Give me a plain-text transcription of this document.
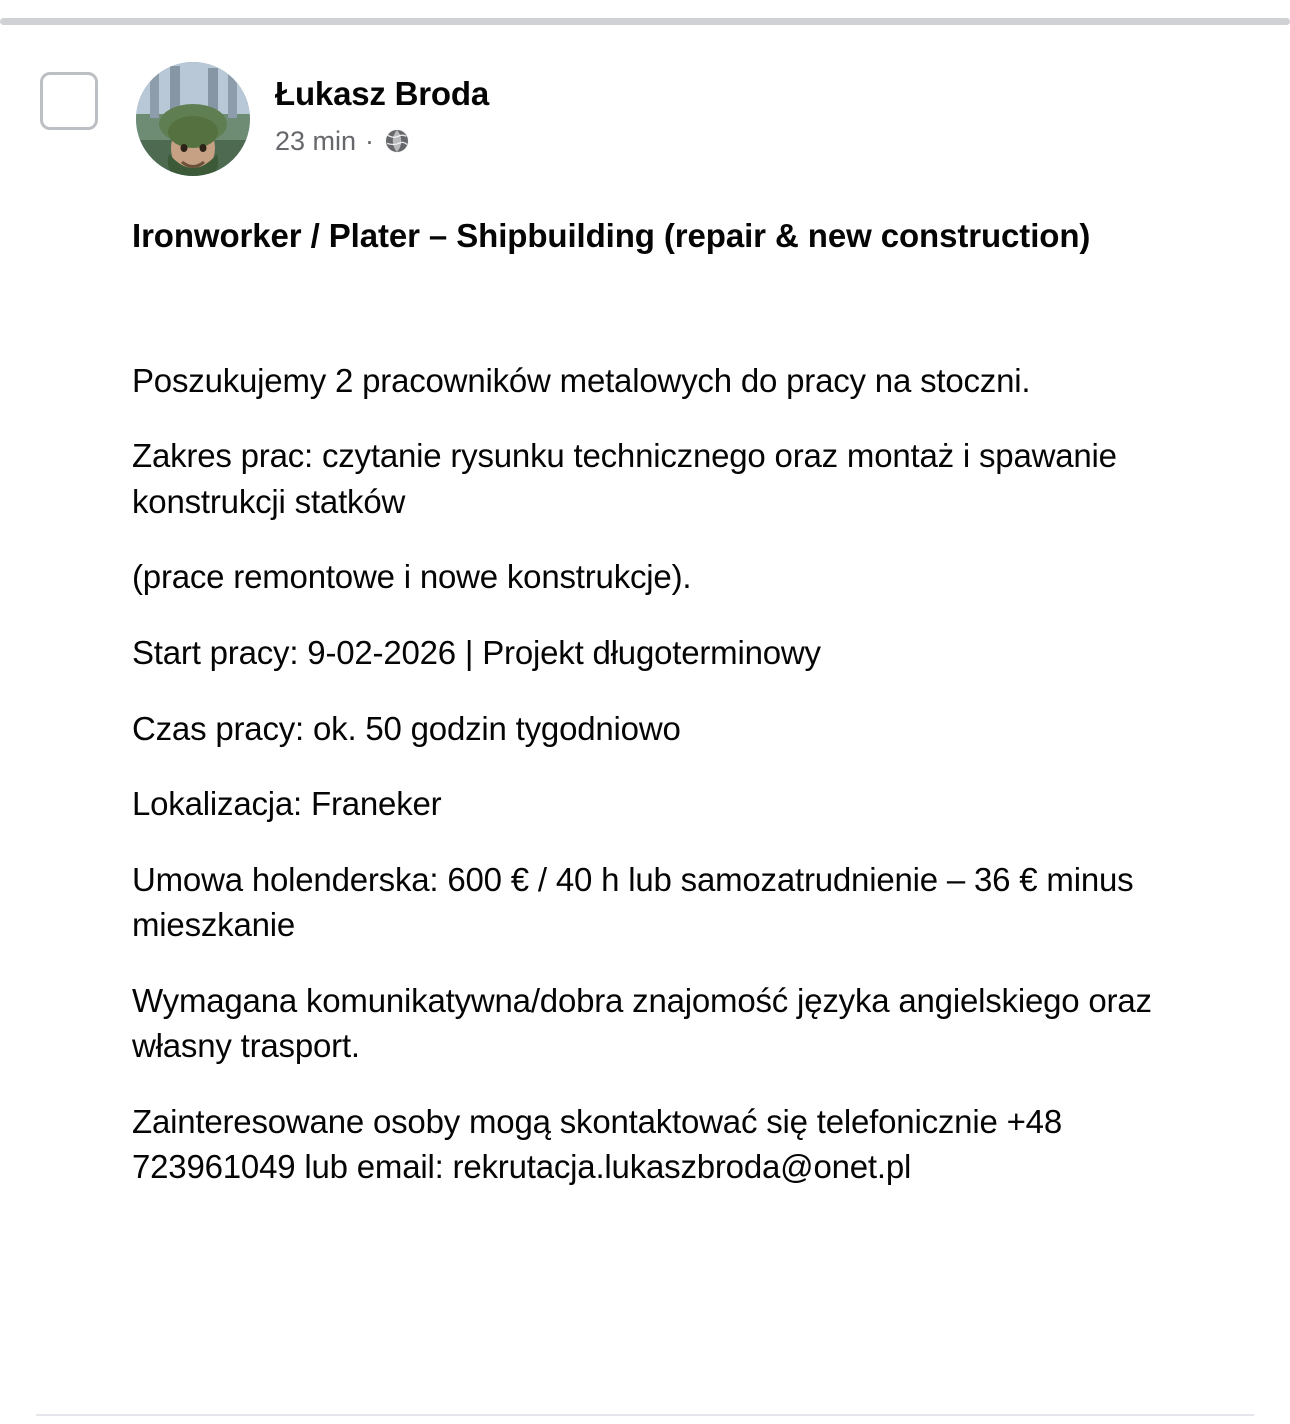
Łukasz Broda
23 min ·
Ironworker / Plater – Shipbuilding (repair & new construction)

Poszukujemy 2 pracowników metalowych do pracy na stoczni.

Zakres prac: czytanie rysunku technicznego oraz montaż i spawanie konstrukcji statków

(prace remontowe i nowe konstrukcje).

Start pracy: 9-02-2026 | Projekt długoterminowy

Czas pracy: ok. 50 godzin tygodniowo

Lokalizacja: Franeker

Umowa holenderska: 600 € / 40 h lub samozatrudnienie – 36 € minus mieszkanie

Wymagana komunikatywna/dobra znajomość języka angielskiego oraz własny trasport.

Zainteresowane osoby mogą skontaktować się telefonicznie +48 723961049 lub email: rekrutacja.lukaszbroda@onet.pl
